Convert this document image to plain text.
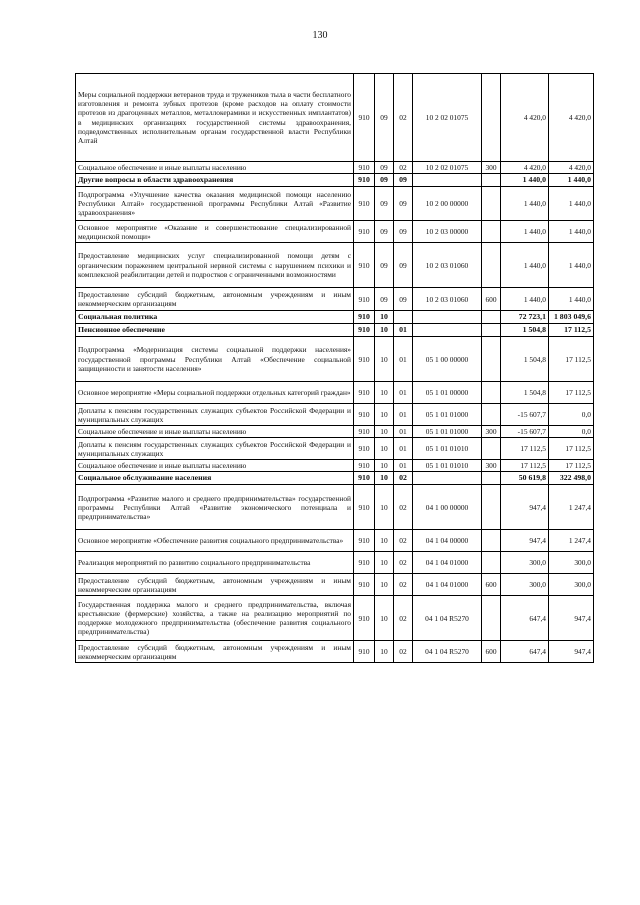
130
Меры социальной поддержки ветеранов труда и тружеников тыла в части бесплатного изготовления и ремонта зубных протезов (кроме расходов на оплату стоимости протезов из драгоценных металлов, металлокерамики и искусственных имплантатов) в медицинских организациях государственной системы здравоохранения, подведомственных исполнительным органам государственной власти Республики Алтай	910	09	02	10 2 02 01075		4 420,0	4 420,0
Социальное обеспечение и иные выплаты населению	910	09	02	10 2 02 01075	300	4 420,0	4 420,0
Другие вопросы в области здравоохранения	910	09	09			1 440,0	1 440,0
Подпрограмма «Улучшение качества оказания медицинской помощи населению Республики Алтай» государственной программы Республики Алтай «Развитие здравоохранения»	910	09	09	10 2 00 00000		1 440,0	1 440,0
Основное мероприятие «Оказание и совершенствование специализированной медицинской помощи»	910	09	09	10 2 03 00000		1 440,0	1 440,0
Предоставление медицинских услуг специализированной помощи детям с органическим поражением центральной нервной системы с нарушением психики и комплексной реабилитации детей и подростков с ограниченными возможностями	910	09	09	10 2 03 01060		1 440,0	1 440,0
Предоставление субсидий бюджетным, автономным учреждениям и иным некоммерческим организациям	910	09	09	10 2 03 01060	600	1 440,0	1 440,0
Социальная политика	910	10				72 723,1	1 803 049,6
Пенсионное обеспечение	910	10	01			1 504,8	17 112,5
Подпрограмма «Модернизация системы социальной поддержки населения» государственной программы Республики Алтай «Обеспечение социальной защищенности и занятости населения»	910	10	01	05 1 00 00000		1 504,8	17 112,5
Основное мероприятие «Меры социальной поддержки отдельных категорий граждан»	910	10	01	05 1 01 00000		1 504,8	17 112,5
Доплаты к пенсиям государственных служащих субъектов Российской Федерации и муниципальных служащих	910	10	01	05 1 01 01000		-15 607,7	0,0
Социальное обеспечение и иные выплаты населению	910	10	01	05 1 01 01000	300	-15 607,7	0,0
Доплаты к пенсиям государственных служащих субъектов Российской Федерации и муниципальных служащих	910	10	01	05 1 01 01010		17 112,5	17 112,5
Социальное обеспечение и иные выплаты населению	910	10	01	05 1 01 01010	300	17 112,5	17 112,5
Социальное обслуживание населения	910	10	02			50 619,8	322 498,0
Подпрограмма «Развитие малого и среднего предпринимательства» государственной программы Республики Алтай «Развитие экономического потенциала и предпринимательства»	910	10	02	04 1 00 00000		947,4	1 247,4
Основное мероприятие «Обеспечение развития социального предпринимательства»	910	10	02	04 1 04 00000		947,4	1 247,4
Реализация мероприятий по развитию социального предпринимательства	910	10	02	04 1 04 01000		300,0	300,0
Предоставление субсидий бюджетным, автономным учреждениям и иным некоммерческим организациям	910	10	02	04 1 04 01000	600	300,0	300,0
Государственная поддержка малого и среднего предпринимательства, включая крестьянские (фермерские) хозяйства, а также на реализацию мероприятий по поддержке молодежного предпринимательства (обеспечение развития социального предпринимательства)	910	10	02	04 1 04 R5270		647,4	947,4
Предоставление субсидий бюджетным, автономным учреждениям и иным некоммерческим организациям	910	10	02	04 1 04 R5270	600	647,4	947,4
